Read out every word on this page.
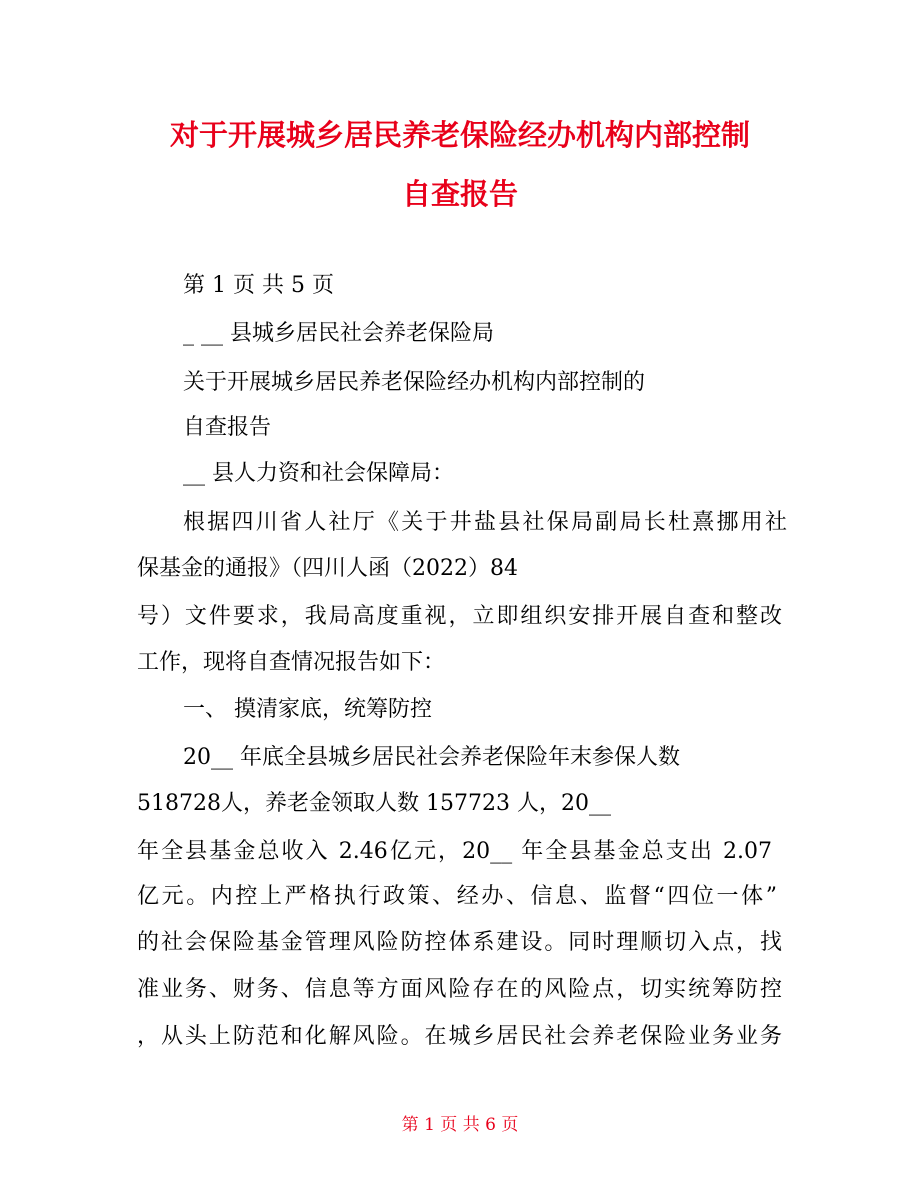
对于开展城乡居民养老保险经办机构内部控制
自查报告
第 1 页 共 5 页
_ __ 县城乡居民社会养老保险局
关于开展城乡居民养老保险经办机构内部控制的
自查报告
__ 县人力资和社会保障局：
根据四川省人社厅《关于井盐县社保局副局长杜熹挪用社
保基金的通报》（四川人函（2022）84
号）文件要求，我局高度重视，立即组织安排开展自查和整改
工作，现将自查情况报告如下：
一、 摸清家底，统筹防控
20__ 年底全县城乡居民社会养老保险年末参保人数
518728人，养老金领取人数 157723 人，20__
年全县基金总收入 2.46亿元，20__ 年全县基金总支出 2.07
亿元。内控上严格执行政策、经办、信息、监督“四位一体”
的社会保险基金管理风险防控体系建设。同时理顺切入点，找
准业务、财务、信息等方面风险存在的风险点，切实统筹防控
，从头上防范和化解风险。在城乡居民社会养老保险业务业务
第 1 页 共 6 页
